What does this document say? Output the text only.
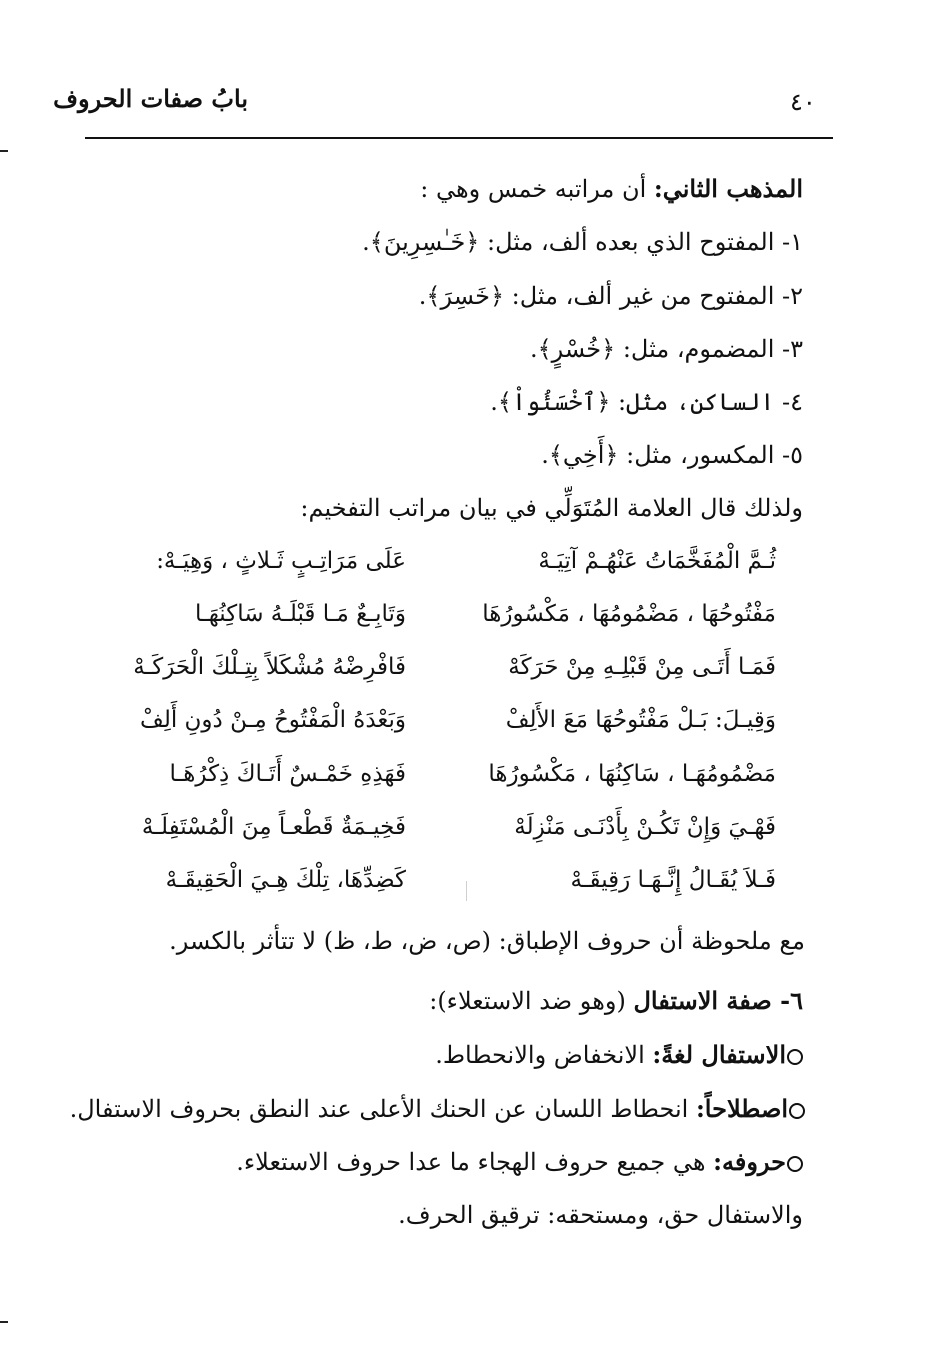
بابُ صفات الحروف	٤٠
المذهب الثاني: أن مراتبه خمس وهي :
١- المفتوح الذي بعده ألف، مثل: ﴿خَـٰسِرِينَ﴾.
٢- المفتوح من غير ألف، مثل: ﴿خَسِرَ﴾.
٣- المضموم، مثل: ﴿خُسْرٍ﴾.
٤- الساكن، مثل: ﴿ٱخْسَئُواْ﴾.
٥- المكسور، مثل: ﴿أَخِي﴾.
ولذلك قال العلامة المُتَوَلِّي في بيان مراتب التفخيم:
ثُـمَّ الْمُفَخَّمَاتُ عَنْهُـمْ آتِيَـهْ
عَلَى مَرَاتِـبٍ ثَـلاثٍ ، وَهِيَـهْ:
مَفْتُوحُهَا ، مَضْمُومُهَا ، مَكْسُورُهَا
وَتَابِـعٌ مَـا قَبْلَـهُ سَاكِنُهَـا
فَمَـا أَتَـى مِنْ قَبْلِـهِ مِنْ حَرَكَهْ
فَافْرِضْهُ مُشْكَلاً بِتِـلْكَ الْحَرَكَـهْ
وَقِيـلَ: بَـلْ مَفْتُوحُهَا مَعَ الأَلِفْ
وَبَعْدَهُ الْمَفْتُوحُ مِـنْ دُونِ أَلِفْ
مَضْمُومُهَـا ، سَاكِنُهَا ، مَكْسُورُهَا
فَهَذِهِ خَمْـسٌ أَتَـاكَ ذِكْرُهَـا
فَهْـيَ وَإِنْ تَكُـنْ بِأَدْنَـى مَنْزِلَهْ
فَخِيـمَةٌ قَطْعـاً مِنَ الْمُسْتَفِلَـهْ
فَـلاَ يُقَـالُ إِنَّـهَـا رَقِيقَـهْ
كَضِدِّهَا، تِلْكَ هِـيَ الْحَقِيقَـهْ
مع ملحوظة أن حروف الإطباق: (ص، ض، ط، ظ) لا تتأثر بالكسر.
٦- صفة الاستفال (وهو ضد الاستعلاء):
الاستفال لغةً: الانخفاض والانحطاط.
اصطلاحاً: انحطاط اللسان عن الحنك الأعلى عند النطق بحروف الاستفال.
حروفه: هي جميع حروف الهجاء ما عدا حروف الاستعلاء.
والاستفال حق، ومستحقه: ترقيق الحرف.
